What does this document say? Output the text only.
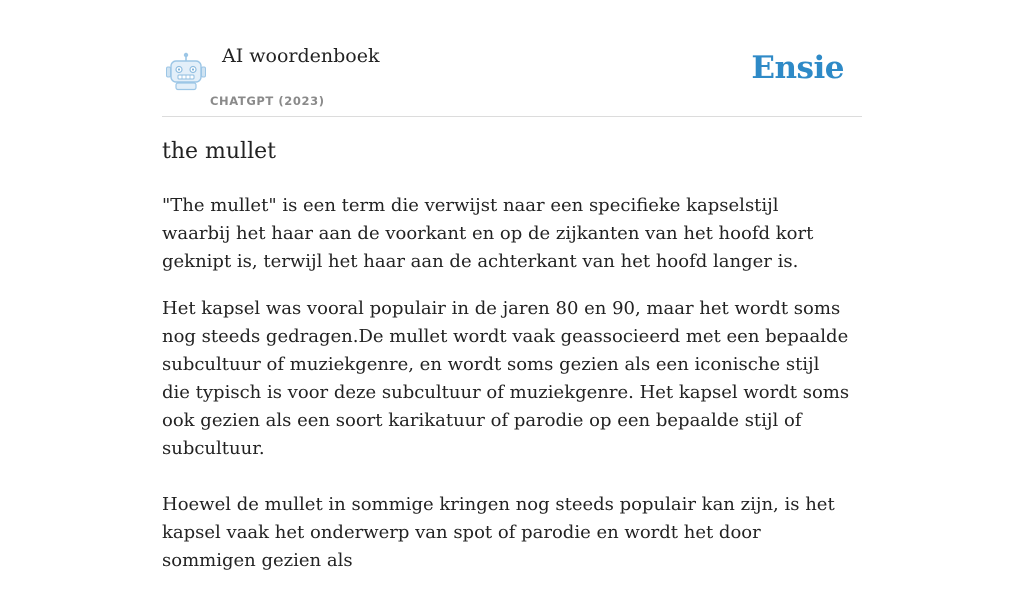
AI woordenboek
CHATGPT (2023)
Ensie
the mullet

"The mullet" is een term die verwijst naar een specifieke kapselstijl waarbij het haar aan de voorkant en op de zijkanten van het hoofd kort geknipt is, terwijl het haar aan de achterkant van het hoofd langer is.

Het kapsel was vooral populair in de jaren 80 en 90, maar het wordt soms nog steeds gedragen.De mullet wordt vaak geassocieerd met een bepaalde subcultuur of muziekgenre, en wordt soms gezien als een iconische stijl die typisch is voor deze subcultuur of muziekgenre. Het kapsel wordt soms ook gezien als een soort karikatuur of parodie op een bepaalde stijl of subcultuur.

Hoewel de mullet in sommige kringen nog steeds populair kan zijn, is het kapsel vaak het onderwerp van spot of parodie en wordt het door sommigen gezien als
